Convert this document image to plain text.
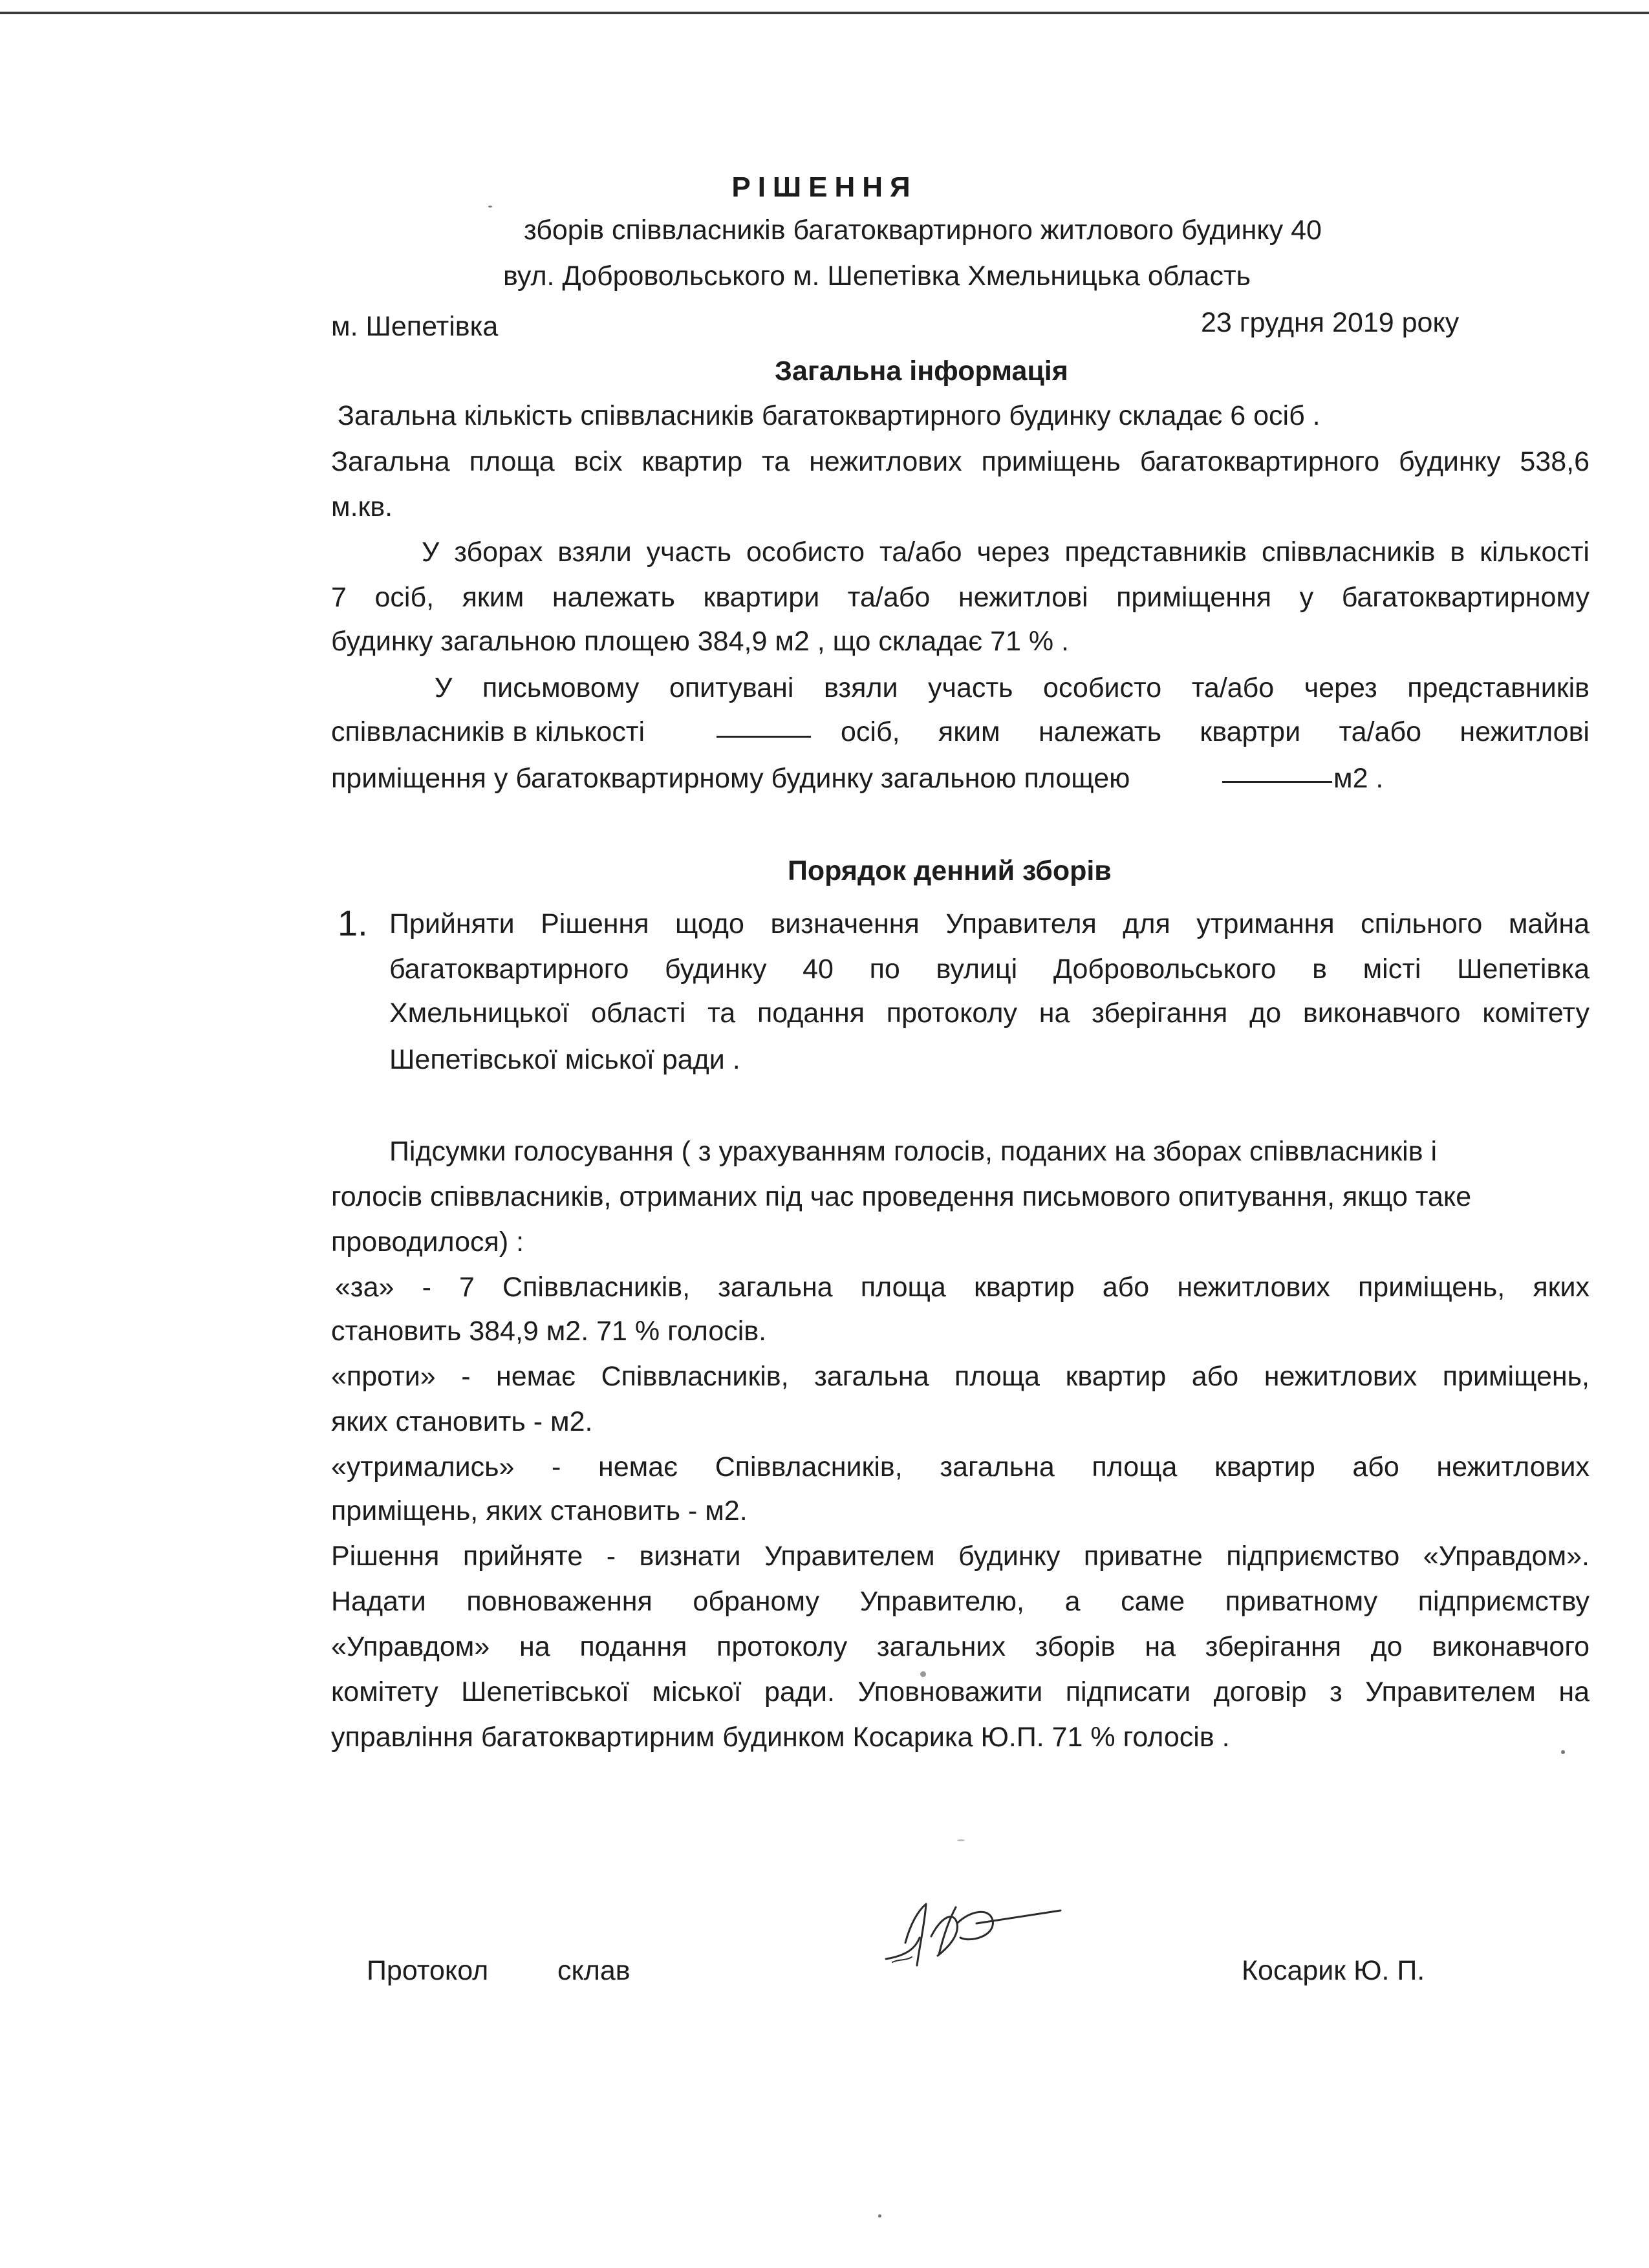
РІШЕННЯ
зборів співвласників багатоквартирного житлового будинку 40
вул. Добровольського м. Шепетівка Хмельницька область
м. Шепетівка	23 грудня 2019 року
Загальна інформація
Загальна кількість співвласників багатоквартирного будинку складає 6 осіб .
Загальна площа всіх квартир та нежитлових приміщень багатоквартирного будинку 538,6
м.кв.
У зборах взяли участь особисто та/або через представників співвласників в кількості
7 осіб, яким належать квартири та/або нежитлові приміщення у багатоквартирному
будинку загальною площею 384,9 м2 , що складає 71 % .
У письмовому опитувані взяли участь особисто та/або через представників
співвласників в кількості	осіб, яким належать квартри та/або нежитлові
приміщення у багатоквартирному будинку загальною площею	м2 .
Порядок денний зборів
1. Прийняти Рішення щодо визначення Управителя для утримання спільного майна
багатоквартирного будинку 40 по вулиці Добровольського в місті Шепетівка
Хмельницької області та подання протоколу на зберігання до виконавчого комітету
Шепетівської міської ради .
Підсумки голосування ( з урахуванням голосів, поданих на зборах співвласників і
голосів співвласників, отриманих під час проведення письмового опитування, якщо таке
проводилося) :
«за» - 7 Співвласників, загальна площа квартир або нежитлових приміщень, яких
становить 384,9 м2. 71 % голосів.
«проти» - немає Співвласників, загальна площа квартир або нежитлових приміщень,
яких становить - м2.
«утримались» - немає Співвласників, загальна площа квартир або нежитлових
приміщень, яких становить - м2.
Рішення прийняте - визнати Управителем будинку приватне підприємство «Управдом».
Надати повноваження обраному Управителю, а саме приватному підприємству
«Управдом» на подання протоколу загальних зборів на зберігання до виконавчого
комітету Шепетівської міської ради. Уповноважити підписати договір з Управителем на
управління багатоквартирним будинком Косарика Ю.П. 71 % голосів .
Протокол склав	Косарик Ю. П.
